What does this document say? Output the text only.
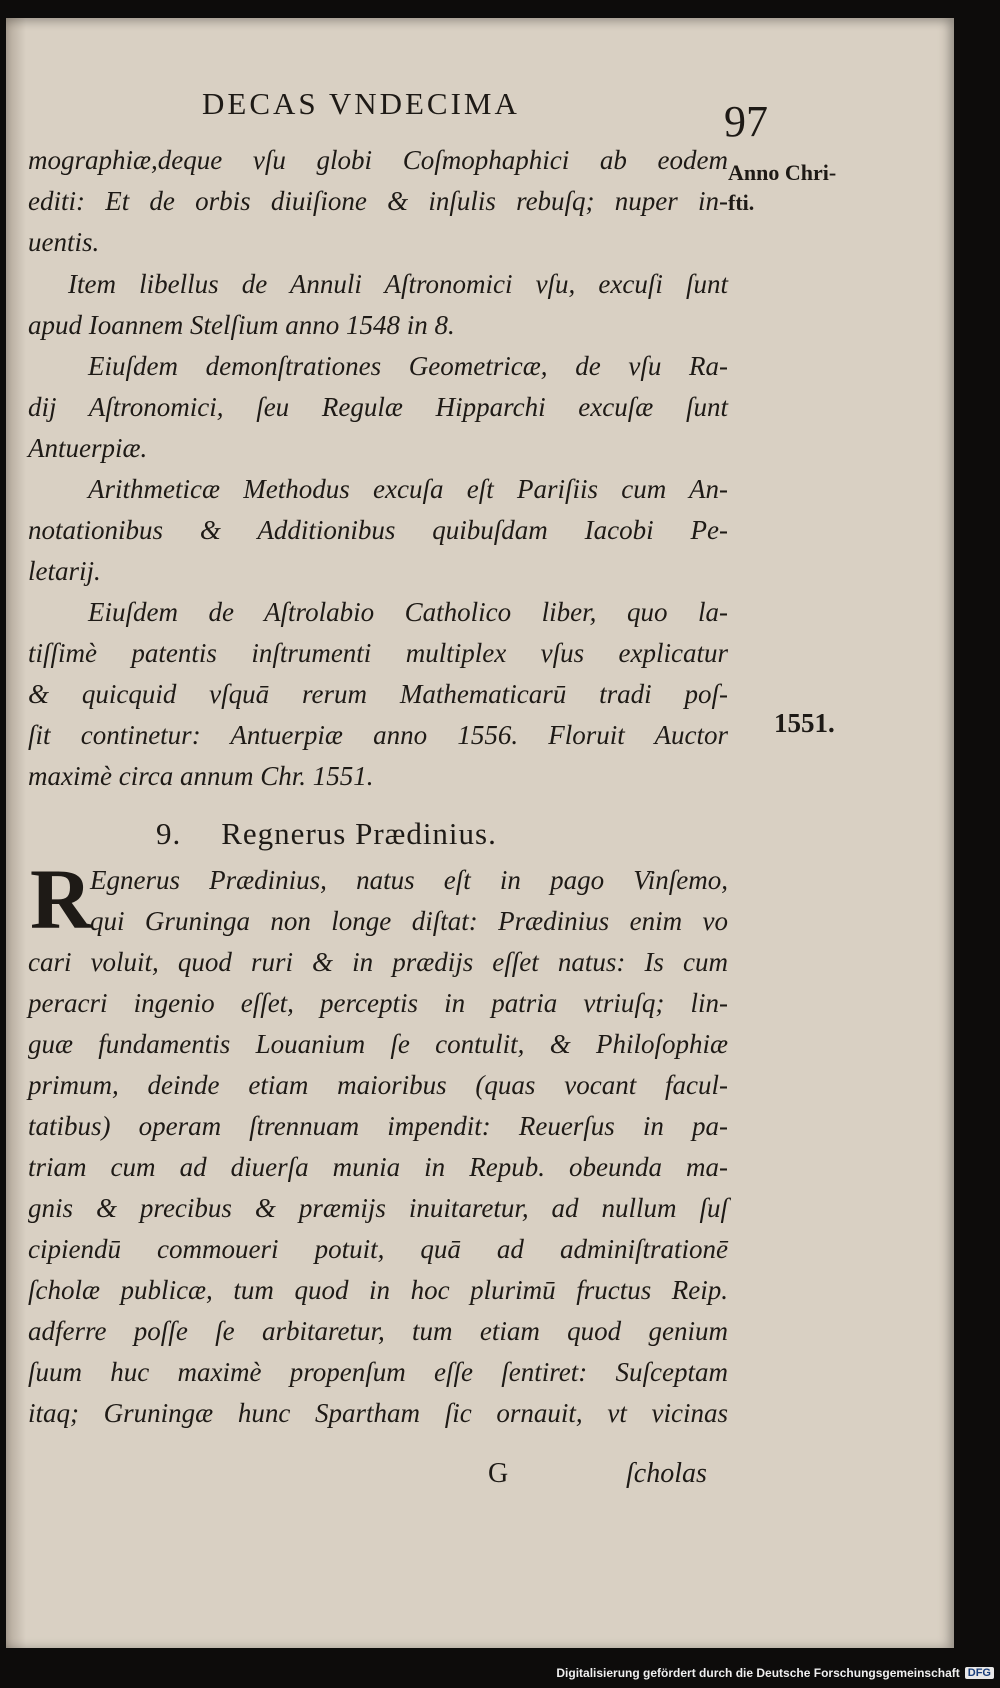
DECAS VNDECIMA	97
Anno Chri-
fti.
1551.
mographiæ,deque vſu globi Coſmophaphici ab eodem
editi: Et de orbis diuiſione & inſulis rebuſq; nuper in-
uentis.
Item libellus de Annuli Aſtronomici vſu, excuſi ſunt
apud Ioannem Stelſium anno 1548 in 8.
Eiuſdem demonſtrationes Geometricæ, de vſu Ra-
dij Aſtronomici, ſeu Regulæ Hipparchi excuſæ ſunt
Antuerpiæ.
Arithmeticæ Methodus excuſa eſt Pariſiis cum An-
notationibus & Additionibus quibuſdam Iacobi Pe-
letarij.
Eiuſdem de Aſtrolabio Catholico liber, quo la-
tiſſimè patentis inſtrumenti multiplex vſus explicatur
& quicquid vſquā rerum Mathematicarū tradi poſ-
ſit continetur: Antuerpiæ anno 1556. Floruit Auctor
maximè circa annum Chr. 1551.
9. Regnerus Prædinius.
R
Egnerus Prædinius, natus eſt in pago Vinſemo,
qui Gruninga non longe diſtat: Prædinius enim vo
cari voluit, quod ruri & in prædijs eſſet natus: Is cum
peracri ingenio eſſet, perceptis in patria vtriuſq; lin-
guæ fundamentis Louanium ſe contulit, & Philoſophiæ
primum, deinde etiam maioribus (quas vocant facul-
tatibus) operam ſtrennuam impendit: Reuerſus in pa-
triam cum ad diuerſa munia in Repub. obeunda ma-
gnis & precibus & præmijs inuitaretur, ad nullum ſuſ
cipiendū commoueri potuit, quā ad adminiſtrationē
ſcholæ publicæ, tum quod in hoc plurimū fructus Reip.
adferre poſſe ſe arbitaretur, tum etiam quod genium
ſuum huc maximè propenſum eſſe ſentiret: Suſceptam
itaq; Gruningæ hunc Spartham ſic ornauit, vt vicinas
G	ſcholas
Digitalisierung gefördert durch die Deutsche Forschungsgemeinschaft DFG
